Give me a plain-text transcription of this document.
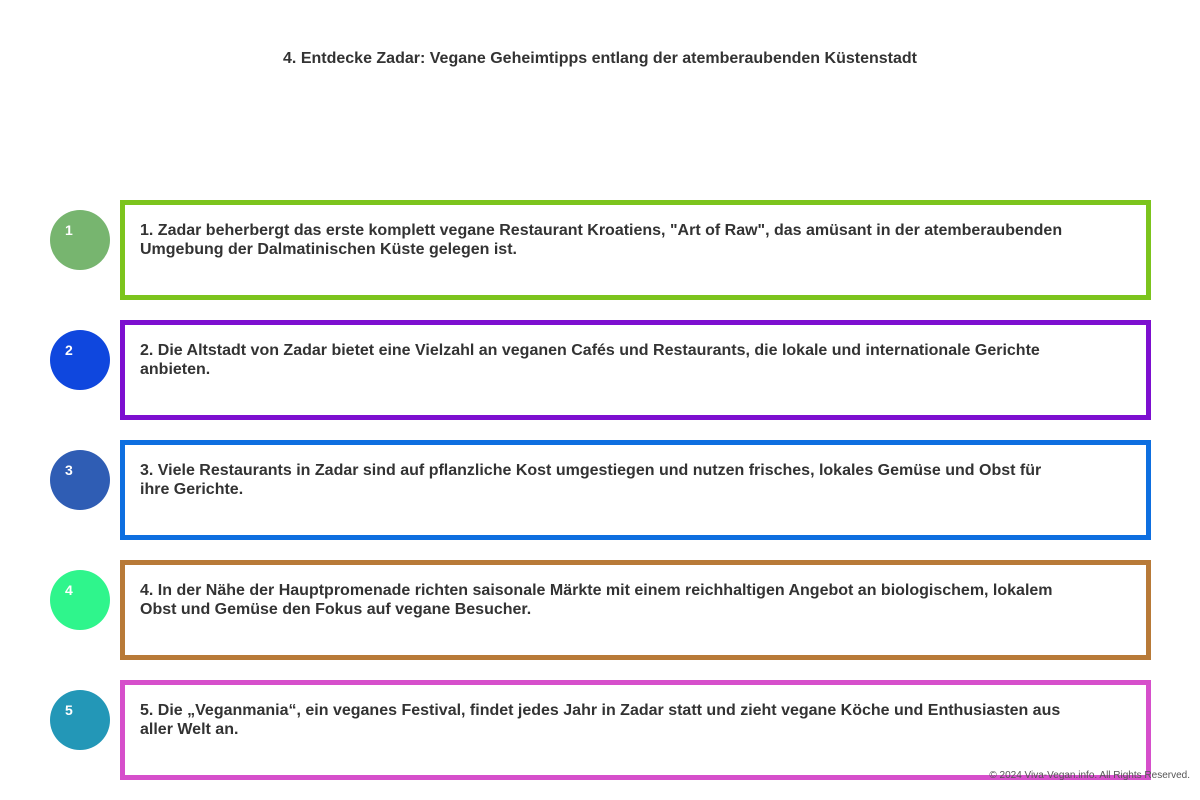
4. Entdecke Zadar: Vegane Geheimtipps entlang der atemberaubenden Küstenstadt
1	1. Zadar beherbergt das erste komplett vegane Restaurant Kroatiens, "Art of Raw", das amüsant in der atemberaubenden Umgebung der Dalmatinischen Küste gelegen ist.
2	2. Die Altstadt von Zadar bietet eine Vielzahl an veganen Cafés und Restaurants, die lokale und internationale Gerichte anbieten.
3	3. Viele Restaurants in Zadar sind auf pflanzliche Kost umgestiegen und nutzen frisches, lokales Gemüse und Obst für ihre Gerichte.
4	4. In der Nähe der Hauptpromenade richten saisonale Märkte mit einem reichhaltigen Angebot an biologischem, lokalem Obst und Gemüse den Fokus auf vegane Besucher.
5	5. Die „Veganmania“, ein veganes Festival, findet jedes Jahr in Zadar statt und zieht vegane Köche und Enthusiasten aus aller Welt an.
© 2024 Viva-Vegan.info. All Rights Reserved.
